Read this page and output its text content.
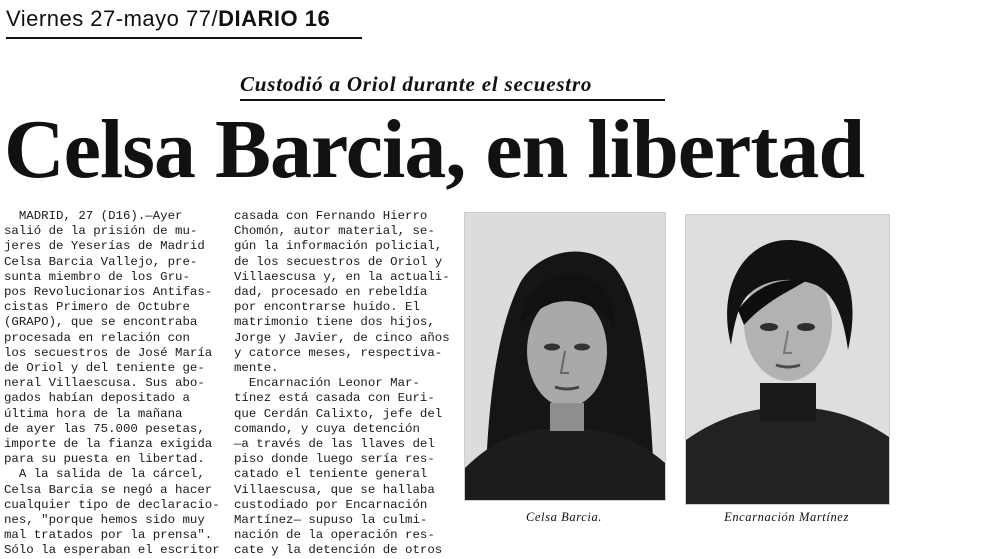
Viernes 27-mayo 77/DIARIO 16
Custodió a Oriol durante el secuestro
Celsa Barcia, en libertad
MADRID, 27 (D16).—Ayer
salió de la prisión de mu-
jeres de Yeserías de Madrid
Celsa Barcia Vallejo, pre-
sunta miembro de los Gru-
pos Revolucionarios Antifas-
cistas Primero de Octubre
(GRAPO), que se encontraba
procesada en relación con
los secuestros de José María
de Oriol y del teniente ge-
neral Villaescusa. Sus abo-
gados habían depositado a
última hora de la mañana
de ayer las 75.000 pesetas,
importe de la fianza exigida
para su puesta en libertad.
A la salida de la cárcel,
Celsa Barcia se negó a hacer
cualquier tipo de declaracio-
nes, "porque hemos sido muy
mal tratados por la prensa".
Sólo la esperaban el escritor
casada con Fernando Hierro
Chomón, autor material, se-
gún la información policial,
de los secuestros de Oriol y
Villaescusa y, en la actuali-
dad, procesado en rebeldía
por encontrarse huido. El
matrimonio tiene dos hijos,
Jorge y Javier, de cinco años
y catorce meses, respectiva-
mente.
Encarnación Leonor Mar-
tínez está casada con Euri-
que Cerdán Calixto, jefe del
comando, y cuya detención
—a través de las llaves del
piso donde luego sería res-
catado el teniente general
Villaescusa, que se hallaba
custodiado por Encarnación
Martínez— supuso la culmi-
nación de la operación res-
cate y la detención de otros
Celsa Barcia.	Encarnación Martínez
